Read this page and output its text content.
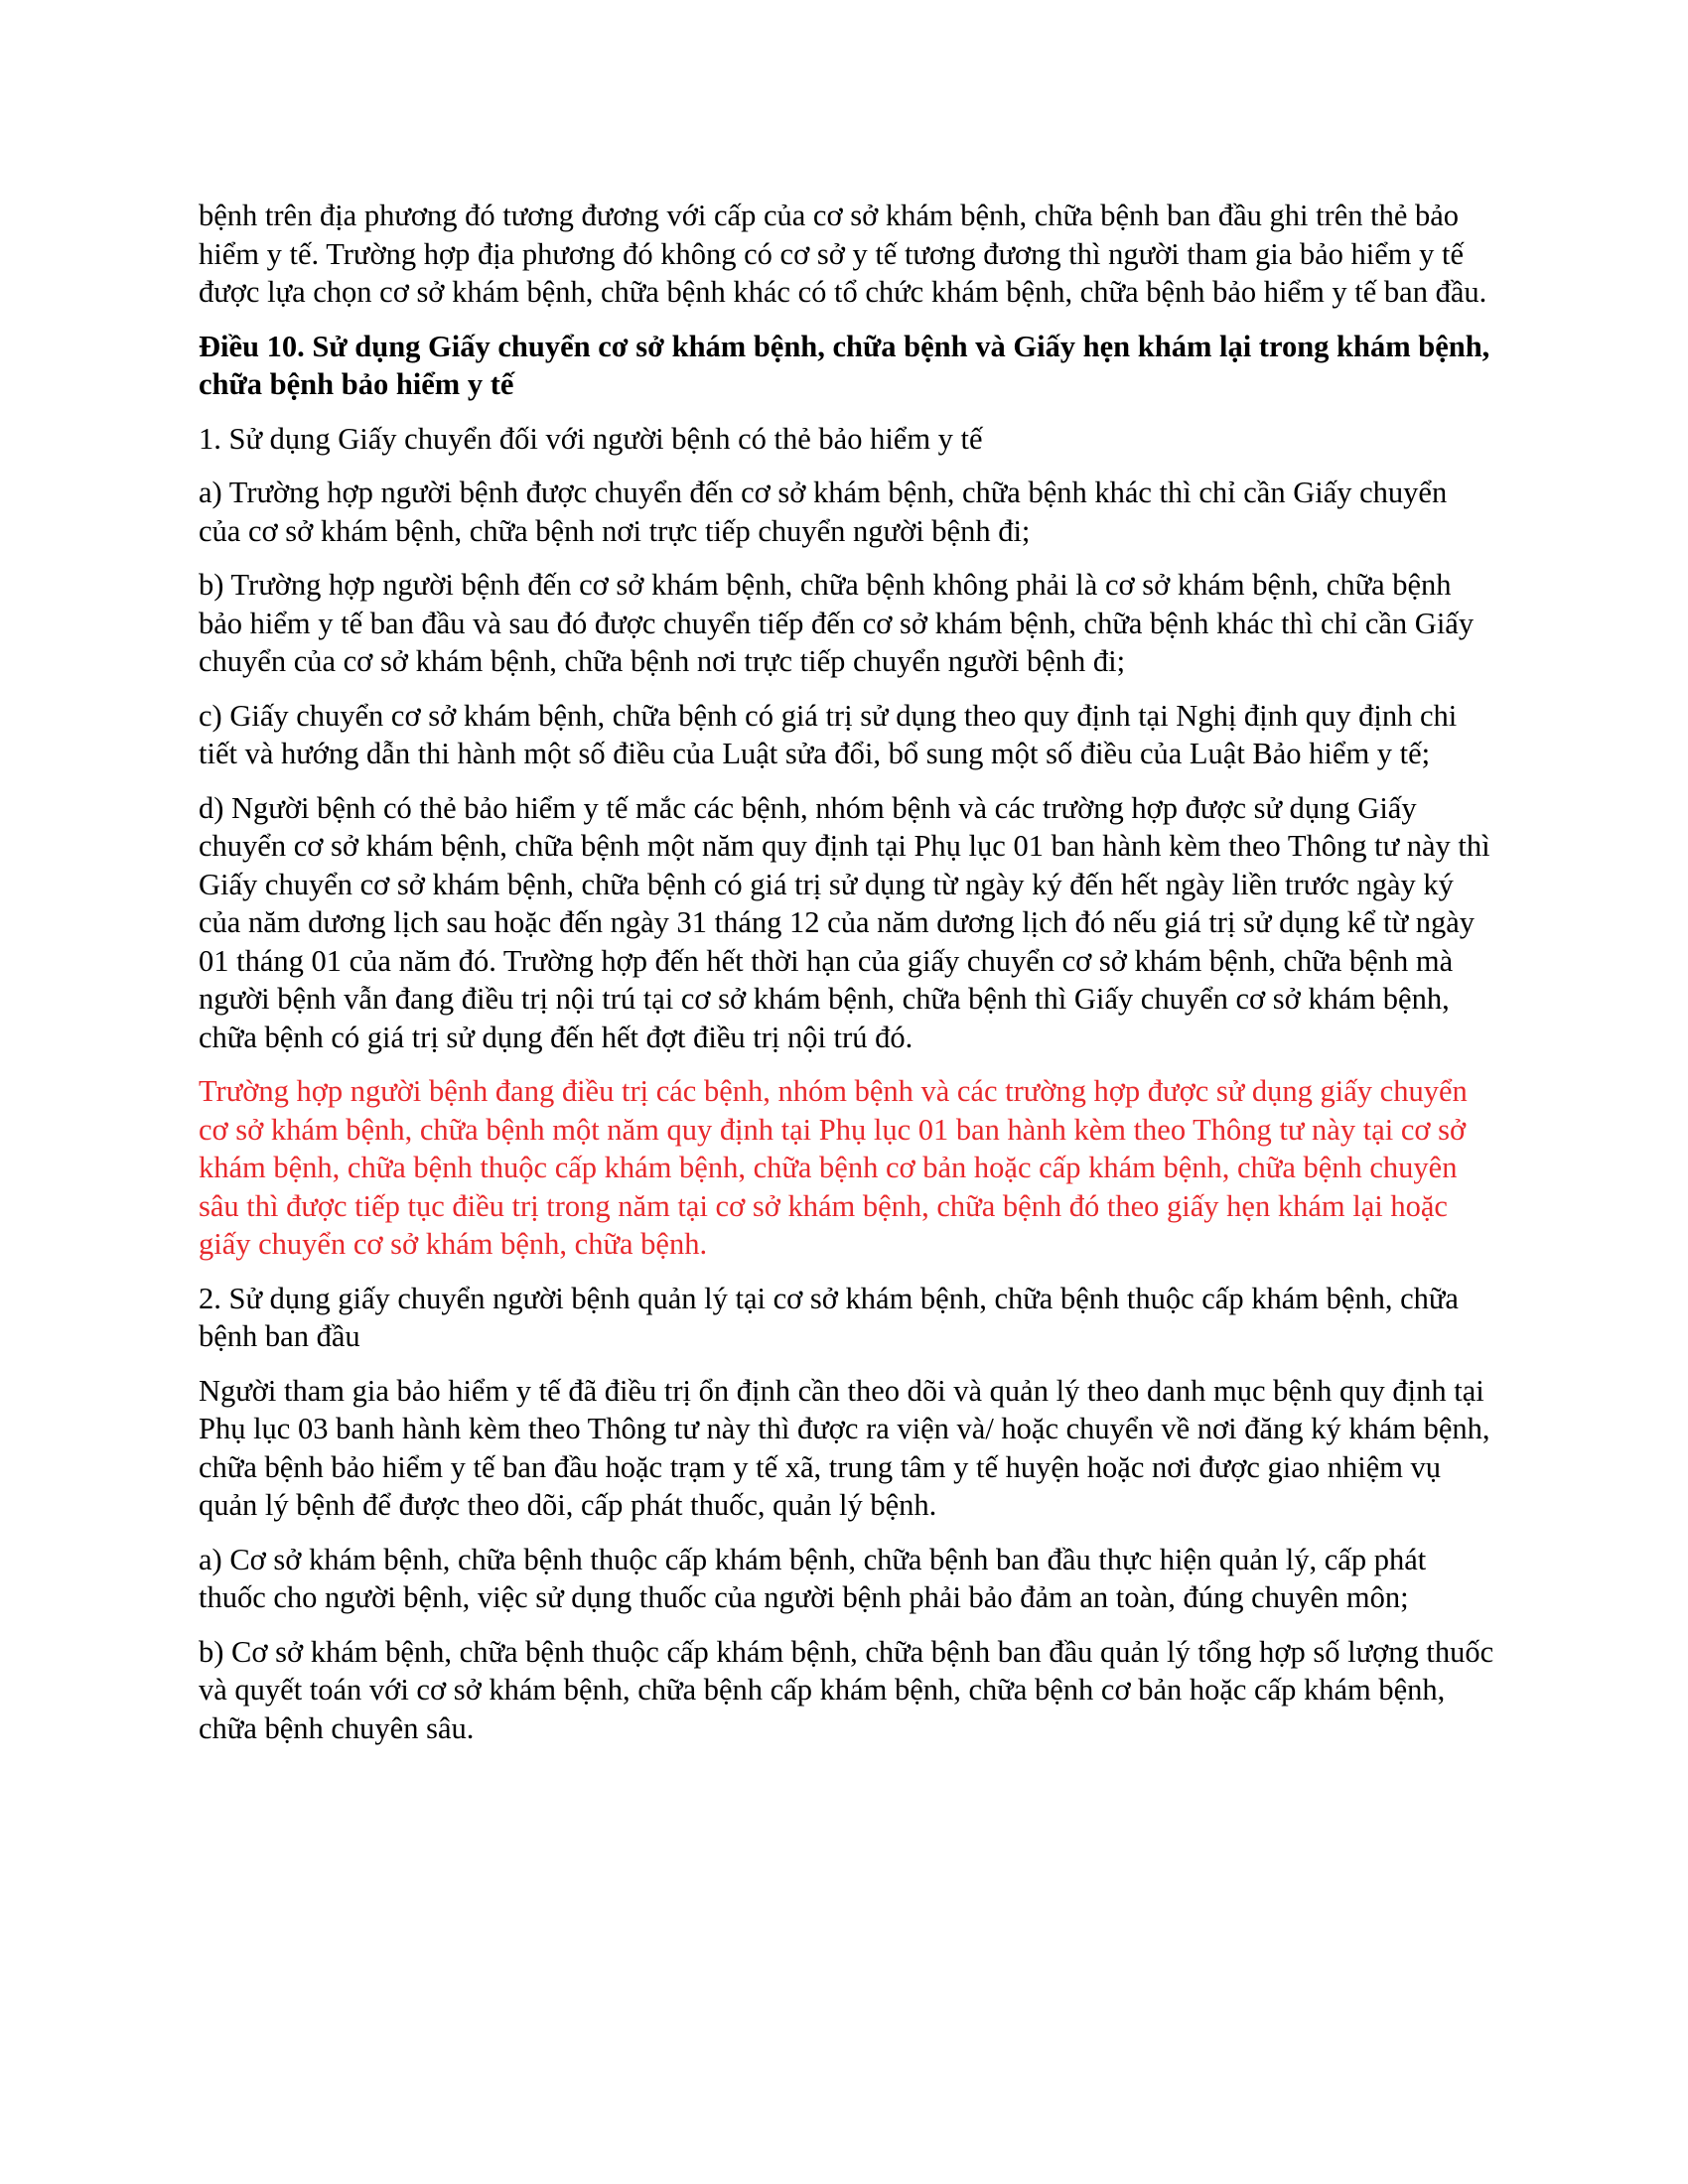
bệnh trên địa phương đó tương đương với cấp của cơ sở khám bệnh, chữa bệnh ban đầu ghi trên thẻ bảo hiểm y tế. Trường hợp địa phương đó không có cơ sở y tế tương đương thì người tham gia bảo hiểm y tế được lựa chọn cơ sở khám bệnh, chữa bệnh khác có tổ chức khám bệnh, chữa bệnh bảo hiểm y tế ban đầu.

Điều 10. Sử dụng Giấy chuyển cơ sở khám bệnh, chữa bệnh và Giấy hẹn khám lại trong khám bệnh, chữa bệnh bảo hiểm y tế

1. Sử dụng Giấy chuyển đối với người bệnh có thẻ bảo hiểm y tế

a) Trường hợp người bệnh được chuyển đến cơ sở khám bệnh, chữa bệnh khác thì chỉ cần Giấy chuyển của cơ sở khám bệnh, chữa bệnh nơi trực tiếp chuyển người bệnh đi;

b) Trường hợp người bệnh đến cơ sở khám bệnh, chữa bệnh không phải là cơ sở khám bệnh, chữa bệnh bảo hiểm y tế ban đầu và sau đó được chuyển tiếp đến cơ sở khám bệnh, chữa bệnh khác thì chỉ cần Giấy chuyển của cơ sở khám bệnh, chữa bệnh nơi trực tiếp chuyển người bệnh đi;

c) Giấy chuyển cơ sở khám bệnh, chữa bệnh có giá trị sử dụng theo quy định tại Nghị định quy định chi tiết và hướng dẫn thi hành một số điều của Luật sửa đổi, bổ sung một số điều của Luật Bảo hiểm y tế;

d) Người bệnh có thẻ bảo hiểm y tế mắc các bệnh, nhóm bệnh và các trường hợp được sử dụng Giấy chuyển cơ sở khám bệnh, chữa bệnh một năm quy định tại Phụ lục 01 ban hành kèm theo Thông tư này thì Giấy chuyển cơ sở khám bệnh, chữa bệnh có giá trị sử dụng từ ngày ký đến hết ngày liền trước ngày ký của năm dương lịch sau hoặc đến ngày 31 tháng 12 của năm dương lịch đó nếu giá trị sử dụng kể từ ngày 01 tháng 01 của năm đó. Trường hợp đến hết thời hạn của giấy chuyển cơ sở khám bệnh, chữa bệnh mà người bệnh vẫn đang điều trị nội trú tại cơ sở khám bệnh, chữa bệnh thì Giấy chuyển cơ sở khám bệnh, chữa bệnh có giá trị sử dụng đến hết đợt điều trị nội trú đó.

Trường hợp người bệnh đang điều trị các bệnh, nhóm bệnh và các trường hợp được sử dụng giấy chuyển cơ sở khám bệnh, chữa bệnh một năm quy định tại Phụ lục 01 ban hành kèm theo Thông tư này tại cơ sở khám bệnh, chữa bệnh thuộc cấp khám bệnh, chữa bệnh cơ bản hoặc cấp khám bệnh, chữa bệnh chuyên sâu thì được tiếp tục điều trị trong năm tại cơ sở khám bệnh, chữa bệnh đó theo giấy hẹn khám lại hoặc giấy chuyển cơ sở khám bệnh, chữa bệnh.

2. Sử dụng giấy chuyển người bệnh quản lý tại cơ sở khám bệnh, chữa bệnh thuộc cấp khám bệnh, chữa bệnh ban đầu

Người tham gia bảo hiểm y tế đã điều trị ổn định cần theo dõi và quản lý theo danh mục bệnh quy định tại Phụ lục 03 banh hành kèm theo Thông tư này thì được ra viện và/ hoặc chuyển về nơi đăng ký khám bệnh, chữa bệnh bảo hiểm y tế ban đầu hoặc trạm y tế xã, trung tâm y tế huyện hoặc nơi được giao nhiệm vụ quản lý bệnh để được theo dõi, cấp phát thuốc, quản lý bệnh.

a) Cơ sở khám bệnh, chữa bệnh thuộc cấp khám bệnh, chữa bệnh ban đầu thực hiện quản lý, cấp phát thuốc cho người bệnh, việc sử dụng thuốc của người bệnh phải bảo đảm an toàn, đúng chuyên môn;

b) Cơ sở khám bệnh, chữa bệnh thuộc cấp khám bệnh, chữa bệnh ban đầu quản lý tổng hợp số lượng thuốc và quyết toán với cơ sở khám bệnh, chữa bệnh cấp khám bệnh, chữa bệnh cơ bản hoặc cấp khám bệnh, chữa bệnh chuyên sâu.
